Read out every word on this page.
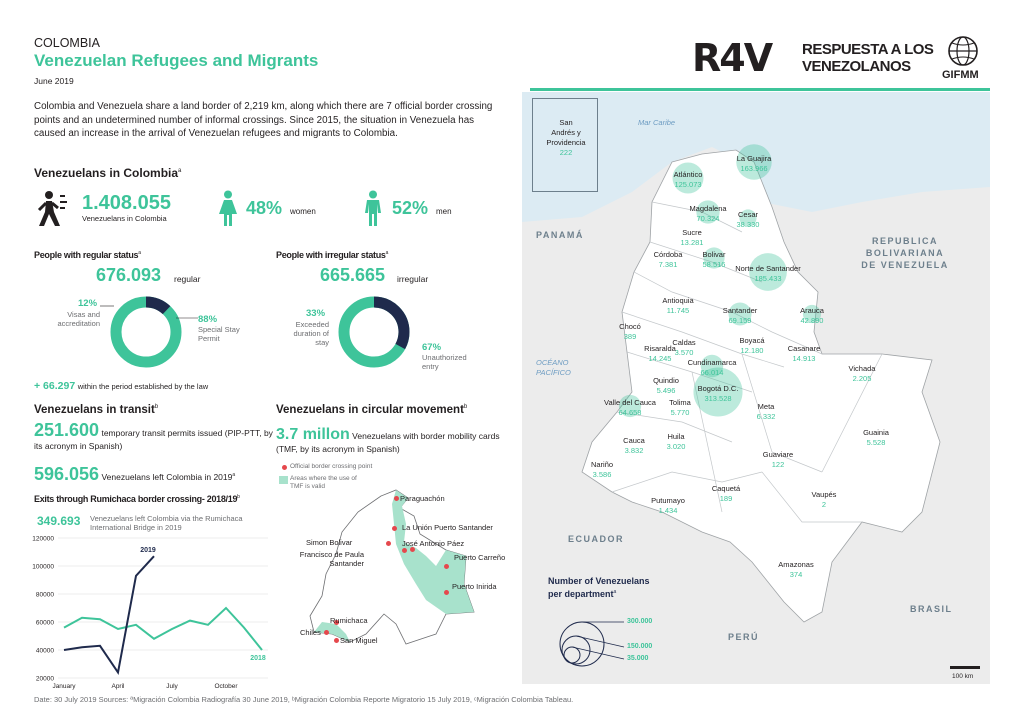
COLOMBIA
Venezuelan Refugees and Migrants
June 2019
R4V	RESPUESTA A LOS
VENEZOLANOS	GIFMM
Colombia and Venezuela share a land border of 2,219 km, along which there are 7 official border crossing points and an undetermined number of informal crossings. Since 2015, the situation in Venezuela has caused an increase in the arrival of Venezuelan refugees and migrants to Colombia.
Venezuelans in Colombia$^a$
1.408.055
Venezuelans in Colombia
48% women	52% men
People with regular status$^a$
676.093 regular
12%
Visas and accreditation	88%
Special Stay Permit
+ 66.297 within the period established by the law
People with irregular status$^a$
665.665 irregular
33%
Exceeded duration of stay	67%
Unauthorized entry
Venezuelans in transit$^b$
251.600 temporary transit permits issued (PIP-PTT, by its acronym in Spanish)
596.056 Venezuelans left Colombia in 2019$^a$
Exits through Rumichaca border crossing- 2018/19$^b$
349.693 Venezuelans left Colombia via the Rumichaca International Bridge in 2019
20000
40000
60000
80000
100000
120000
January	April	July	October
2018
2019
Venezuelans in circular movement$^b$
3.7 millon Venezuelans with border mobility cards (TMF, by its acronym in Spanish)
Official border crossing point
Areas where the use of TMF is valid
Paraguachón
La Unión Puerto Santander
Simon Bolivar	José Antonio Páez
Francisco de Paula Santander
Puerto Carreño
Puerto Inirida
Rumichaca
Chiles
San Miguel
REPUBLICA
BOLIVARIANA
DE VENEZUELA
PANAMÁ
ECUADOR
PERÚ
BRASIL
Mar Caribe
OCÉANO
PACÍFICO
La Guajira
163.966
Atlántico
125.073
Magdalena
70.324	Cesar
38.330
Sucre
13.281
Córdoba
7.381
Bolivar
58.516	Norte de Santander
185.433
Antioquia
11.745	Santander
69.159
Arauca
42.890
Chocó
389
Caldas
3.570
Risaralda
14.245
Boyacá
12.180	Casanare
14.913
Cundinamarca
66.014	Vichada
2.205
Quindio
5.496	Bogotá D.C.
313.528
Valle del Cauca
64.658
Tolima
5.770
Meta
6.332
Guainia
5.528
Cauca
3.832
Huila
3.020
Guaviare
122
Nariño
3.586
Caquetá
189	Vaupés
2
Putumayo
1.434
Amazonas
374
San
Andrés y
Providencia
222
Number of Venezuelans
per department$^a$
300.000
150.000
35.000
100 km
Date: 30 July 2019 Sources: ªMigración Colombia Radiografía 30 June 2019, ᵇMigración Colombia Reporte Migratorio 15 July 2019, ᶜMigración Colombia Tableau.
